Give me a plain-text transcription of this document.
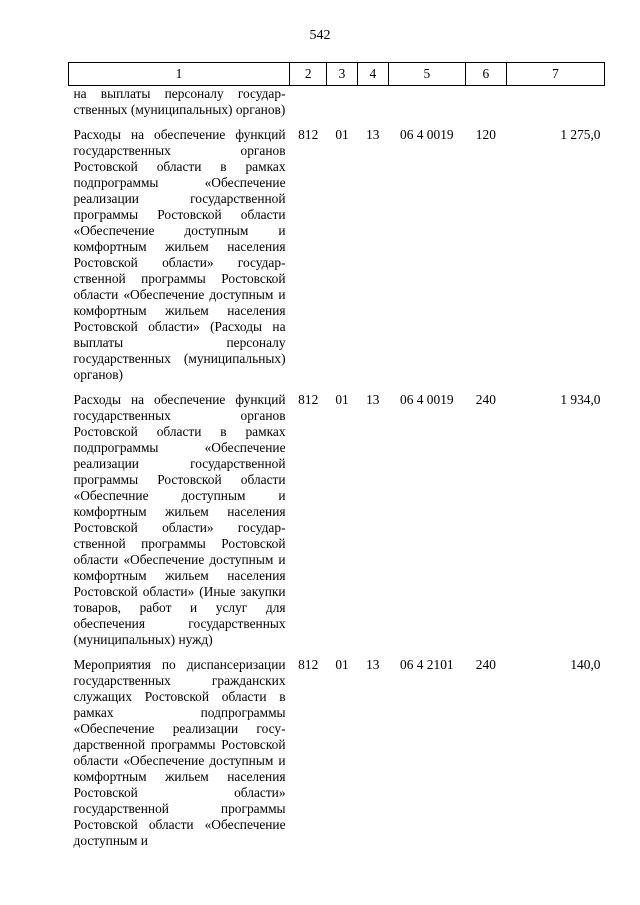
542
1	2	3	4	5	6	7
на выплаты персоналу государственных (муниципальных) органов)						
Расходы на обеспечение функций государственных органов Ростовской области в рамках подпрограммы «Обеспечение реализации государственной программы Ростовской области «Обеспечение доступным и комфортным жильем населения Ростовской области» государственной программы Ростовской области «Обеспечение доступным и комфортным жильем населения Ростовской области» (Расходы на выплаты персоналу государственных (муниципальных) органов)	812	01	13	06 4 0019	120	1 275,0
Расходы на обеспечение функций государственных органов Ростовской области в рамках подпрограммы «Обеспечение реализации государственной программы Ростовской области «Обеспечние доступным и комфортным жильем населения Ростовской области» государственной программы Ростовской области «Обеспечение доступным и комфортным жильем населения Ростовской области» (Иные закупки товаров, работ и услуг для обеспечения государственных (муниципальных) нужд)	812	01	13	06 4 0019	240	1 934,0
Мероприятия по диспансеризации государственных гражданских служащих Ростовской области в рамках подпрограммы «Обеспечение реализации государственной программы Ростовской области «Обеспечение доступным и комфортным жильем населения Ростовской области» государственной программы Ростовской области «Обеспечение доступным и	812	01	13	06 4 2101	240	140,0
